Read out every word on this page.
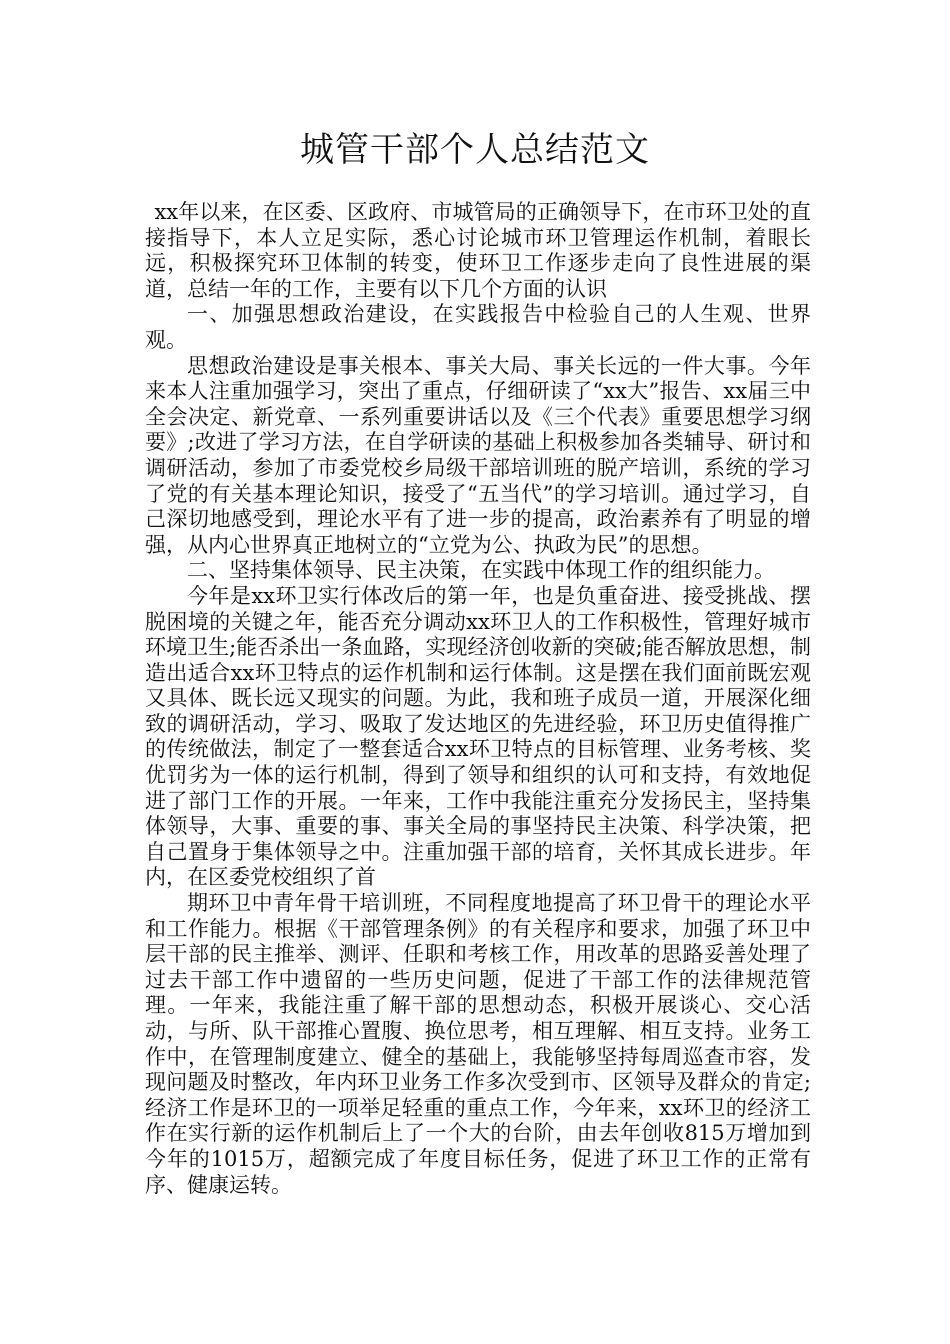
城管干部个人总结范文

xx年以来，在区委、区政府、市城管局的正确领导下，在市环卫处的直接指导下，本人立足实际，悉心讨论城市环卫管理运作机制，着眼长远，积极探究环卫体制的转变，使环卫工作逐步走向了良性进展的渠道，总结一年的工作，主要有以下几个方面的认识

一、加强思想政治建设，在实践报告中检验自己的人生观、世界观。

思想政治建设是事关根本、事关大局、事关长远的一件大事。今年来本人注重加强学习，突出了重点，仔细研读了“xx大”报告、xx届三中全会决定、新党章、一系列重要讲话以及《三个代表》重要思想学习纲要》;改进了学习方法，在自学研读的基础上积极参加各类辅导、研讨和调研活动，参加了市委党校乡局级干部培训班的脱产培训，系统的学习了党的有关基本理论知识，接受了“五当代”的学习培训。通过学习，自己深切地感受到，理论水平有了进一步的提高，政治素养有了明显的增强，从内心世界真正地树立的“立党为公、执政为民”的思想。

二、坚持集体领导、民主决策，在实践中体现工作的组织能力。

今年是xx环卫实行体改后的第一年，也是负重奋进、接受挑战、摆脱困境的关键之年，能否充分调动xx环卫人的工作积极性，管理好城市环境卫生;能否杀出一条血路，实现经济创收新的突破;能否解放思想，制造出适合xx环卫特点的运作机制和运行体制。这是摆在我们面前既宏观又具体、既长远又现实的问题。为此，我和班子成员一道，开展深化细致的调研活动，学习、吸取了发达地区的先进经验，环卫历史值得推广的传统做法，制定了一整套适合xx环卫特点的目标管理、业务考核、奖优罚劣为一体的运行机制，得到了领导和组织的认可和支持，有效地促进了部门工作的开展。一年来，工作中我能注重充分发扬民主，坚持集体领导，大事、重要的事、事关全局的事坚持民主决策、科学决策，把自己置身于集体领导之中。注重加强干部的培育，关怀其成长进步。年内，在区委党校组织了首

期环卫中青年骨干培训班，不同程度地提高了环卫骨干的理论水平和工作能力。根据《干部管理条例》的有关程序和要求，加强了环卫中层干部的民主推举、测评、任职和考核工作，用改革的思路妥善处理了过去干部工作中遗留的一些历史问题，促进了干部工作的法律规范管理。一年来，我能注重了解干部的思想动态，积极开展谈心、交心活动，与所、队干部推心置腹、换位思考，相互理解、相互支持。业务工作中，在管理制度建立、健全的基础上，我能够坚持每周巡查市容，发现问题及时整改，年内环卫业务工作多次受到市、区领导及群众的肯定;经济工作是环卫的一项举足轻重的重点工作，今年来，xx环卫的经济工作在实行新的运作机制后上了一个大的台阶，由去年创收815万增加到今年的1015万，超额完成了年度目标任务，促进了环卫工作的正常有序、健康运转。
